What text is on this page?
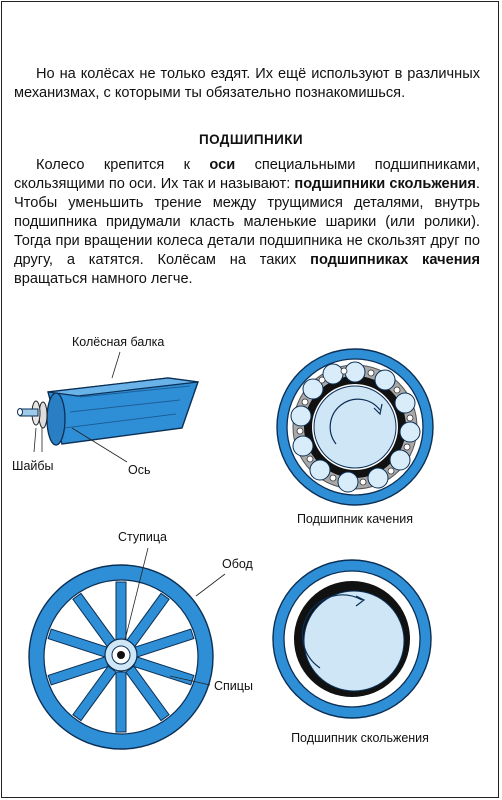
Но на колёсах не только ездят. Их ещё используют в различных механизмах, с которыми ты обязательно познакомишься.

ПОДШИПНИКИ

Колесо крепится к оси специальными подшипниками, скользящими по оси. Их так и называют: подшипники скольжения. Чтобы уменьшить трение между трущимися деталями, внутрь подшипника придумали класть маленькие шарики (или ролики). Тогда при вращении колеса детали подшипника не скользят друг по другу, а катятся. Колёсам на таких подшипниках качения вращаться намного легче.

Колёсная балка
Шайбы	Ось
Подшипник качения
Ступица
Обод
Спицы
Подшипник скольжения
